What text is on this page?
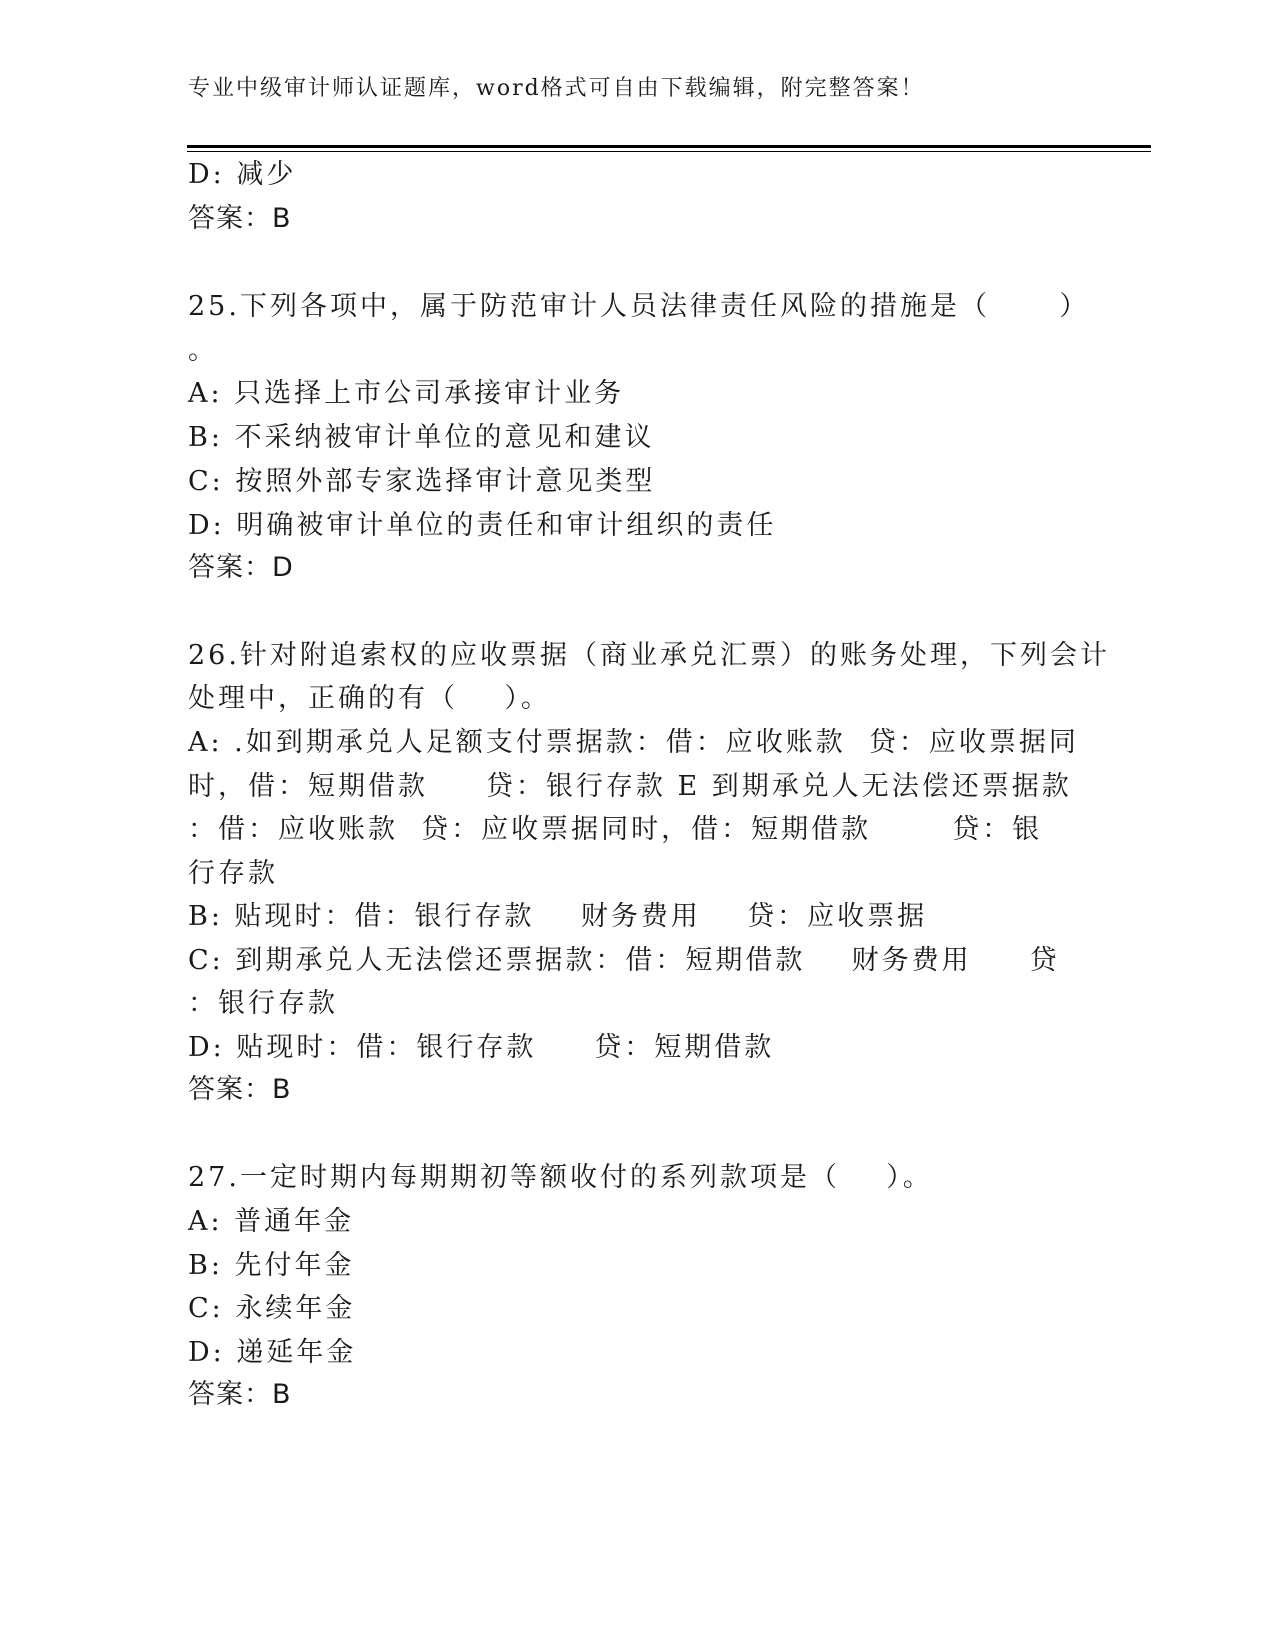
专业中级审计师认证题库，word格式可自由下载编辑，附完整答案！
D: 减少
答案：B
25.下列各项中，属于防范审计人员法律责任风险的措施是（      ）
。
A: 只选择上市公司承接审计业务
B: 不采纳被审计单位的意见和建议
C: 按照外部专家选择审计意见类型
D: 明确被审计单位的责任和审计组织的责任
答案：D
26.针对附追索权的应收票据（商业承兑汇票）的账务处理，下列会计
处理中，正确的有（    ）。
A: .如到期承兑人足额支付票据款：借：应收账款  贷：应收票据同
时，借：短期借款     贷：银行存款 E 到期承兑人无法偿还票据款
：借：应收账款  贷：应收票据同时，借：短期借款       贷：银
行存款
B: 贴现时：借：银行存款    财务费用    贷：应收票据
C: 到期承兑人无法偿还票据款：借：短期借款    财务费用     贷
：银行存款
D: 贴现时：借：银行存款     贷：短期借款
答案：B
27.一定时期内每期期初等额收付的系列款项是（    ）。
A: 普通年金
B: 先付年金
C: 永续年金
D: 递延年金
答案：B
